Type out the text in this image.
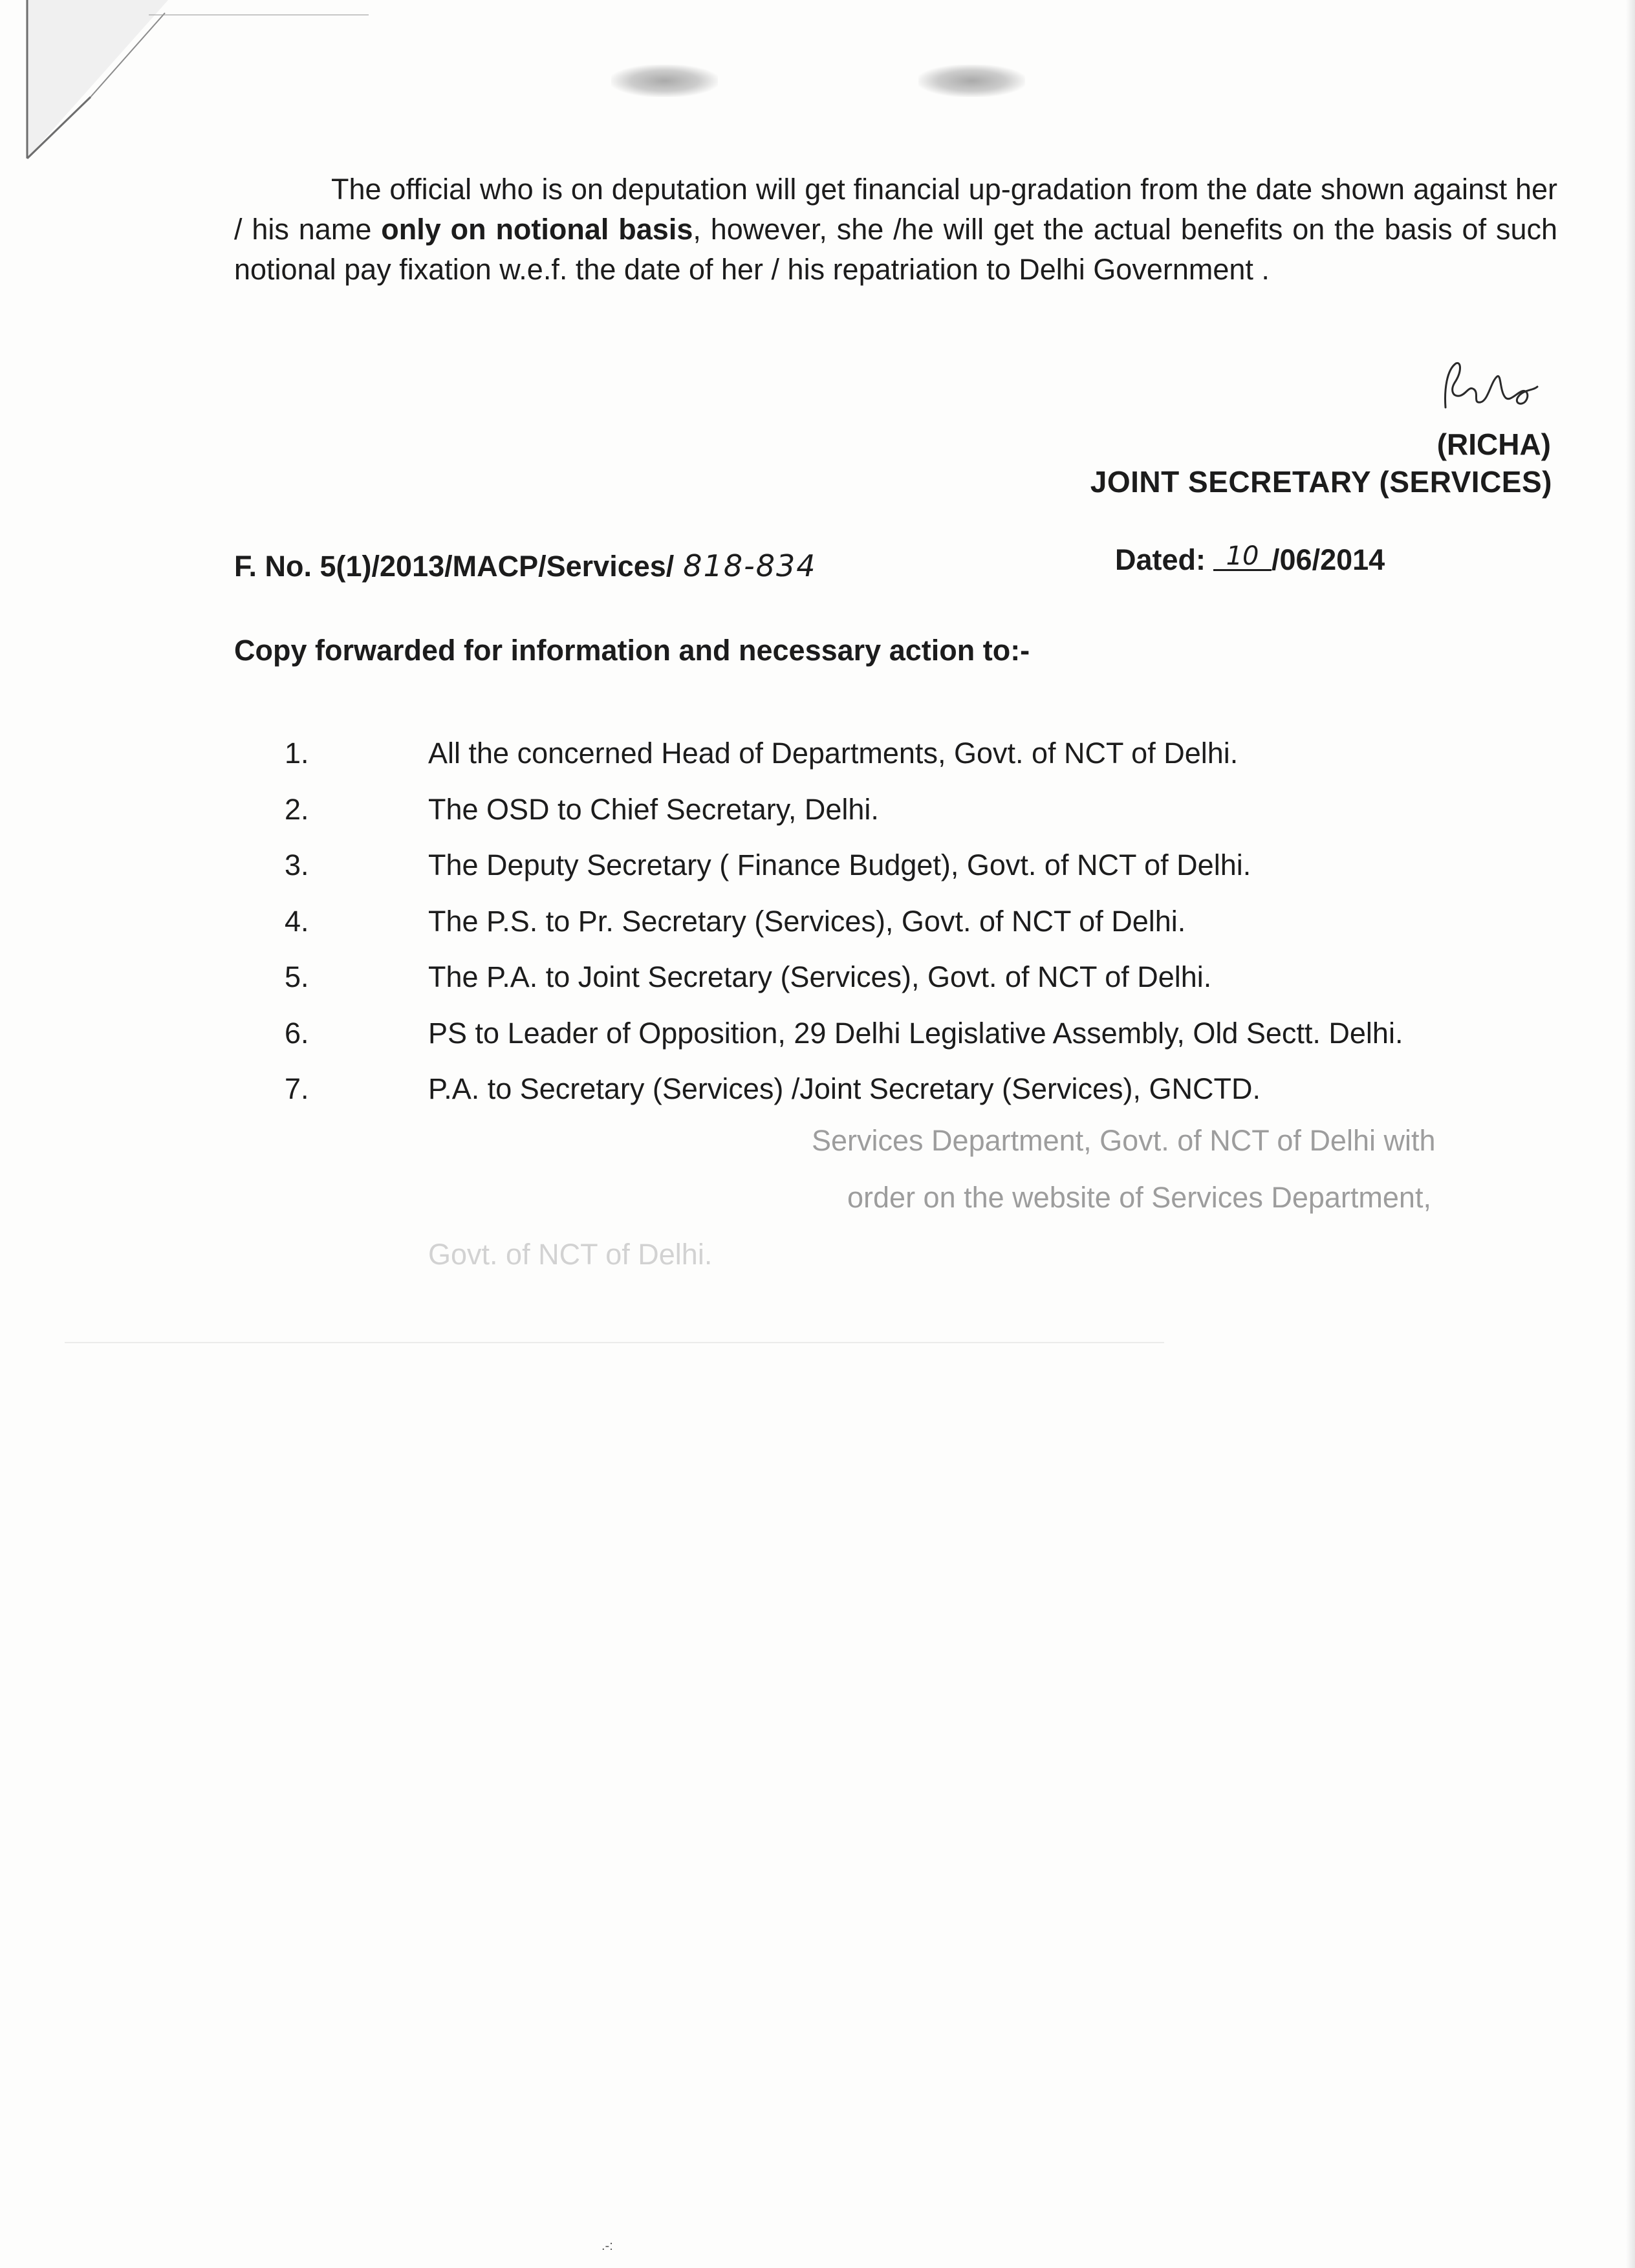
The official who is on deputation will get financial up-gradation from the date shown against her / his name only on notional basis, however, she /he will get the actual benefits on the basis of such notional pay fixation w.e.f. the date of her / his repatriation to Delhi Government .

(RICHA)
JOINT SECRETARY (SERVICES)
F. No. 5(1)/2013/MACP/Services/ 818-834	Dated: 10 /06/2014
Copy forwarded for information and necessary action to:-
1.	All the concerned Head of Departments, Govt. of NCT of Delhi.
2.	The OSD to Chief Secretary, Delhi.
3.	The Deputy Secretary ( Finance Budget), Govt. of NCT of Delhi.
4.	The P.S. to Pr. Secretary (Services), Govt. of NCT of Delhi.
5.	The P.A. to Joint Secretary (Services), Govt. of NCT of Delhi.
6.	PS to Leader of Opposition, 29 Delhi Legislative Assembly, Old Sectt. Delhi.
7.	P.A. to Secretary (Services) /Joint Secretary (Services), GNCTD.
Services Department, Govt. of NCT of Delhi with
order on the website of Services Department,
Govt. of NCT of Delhi.
.-:
